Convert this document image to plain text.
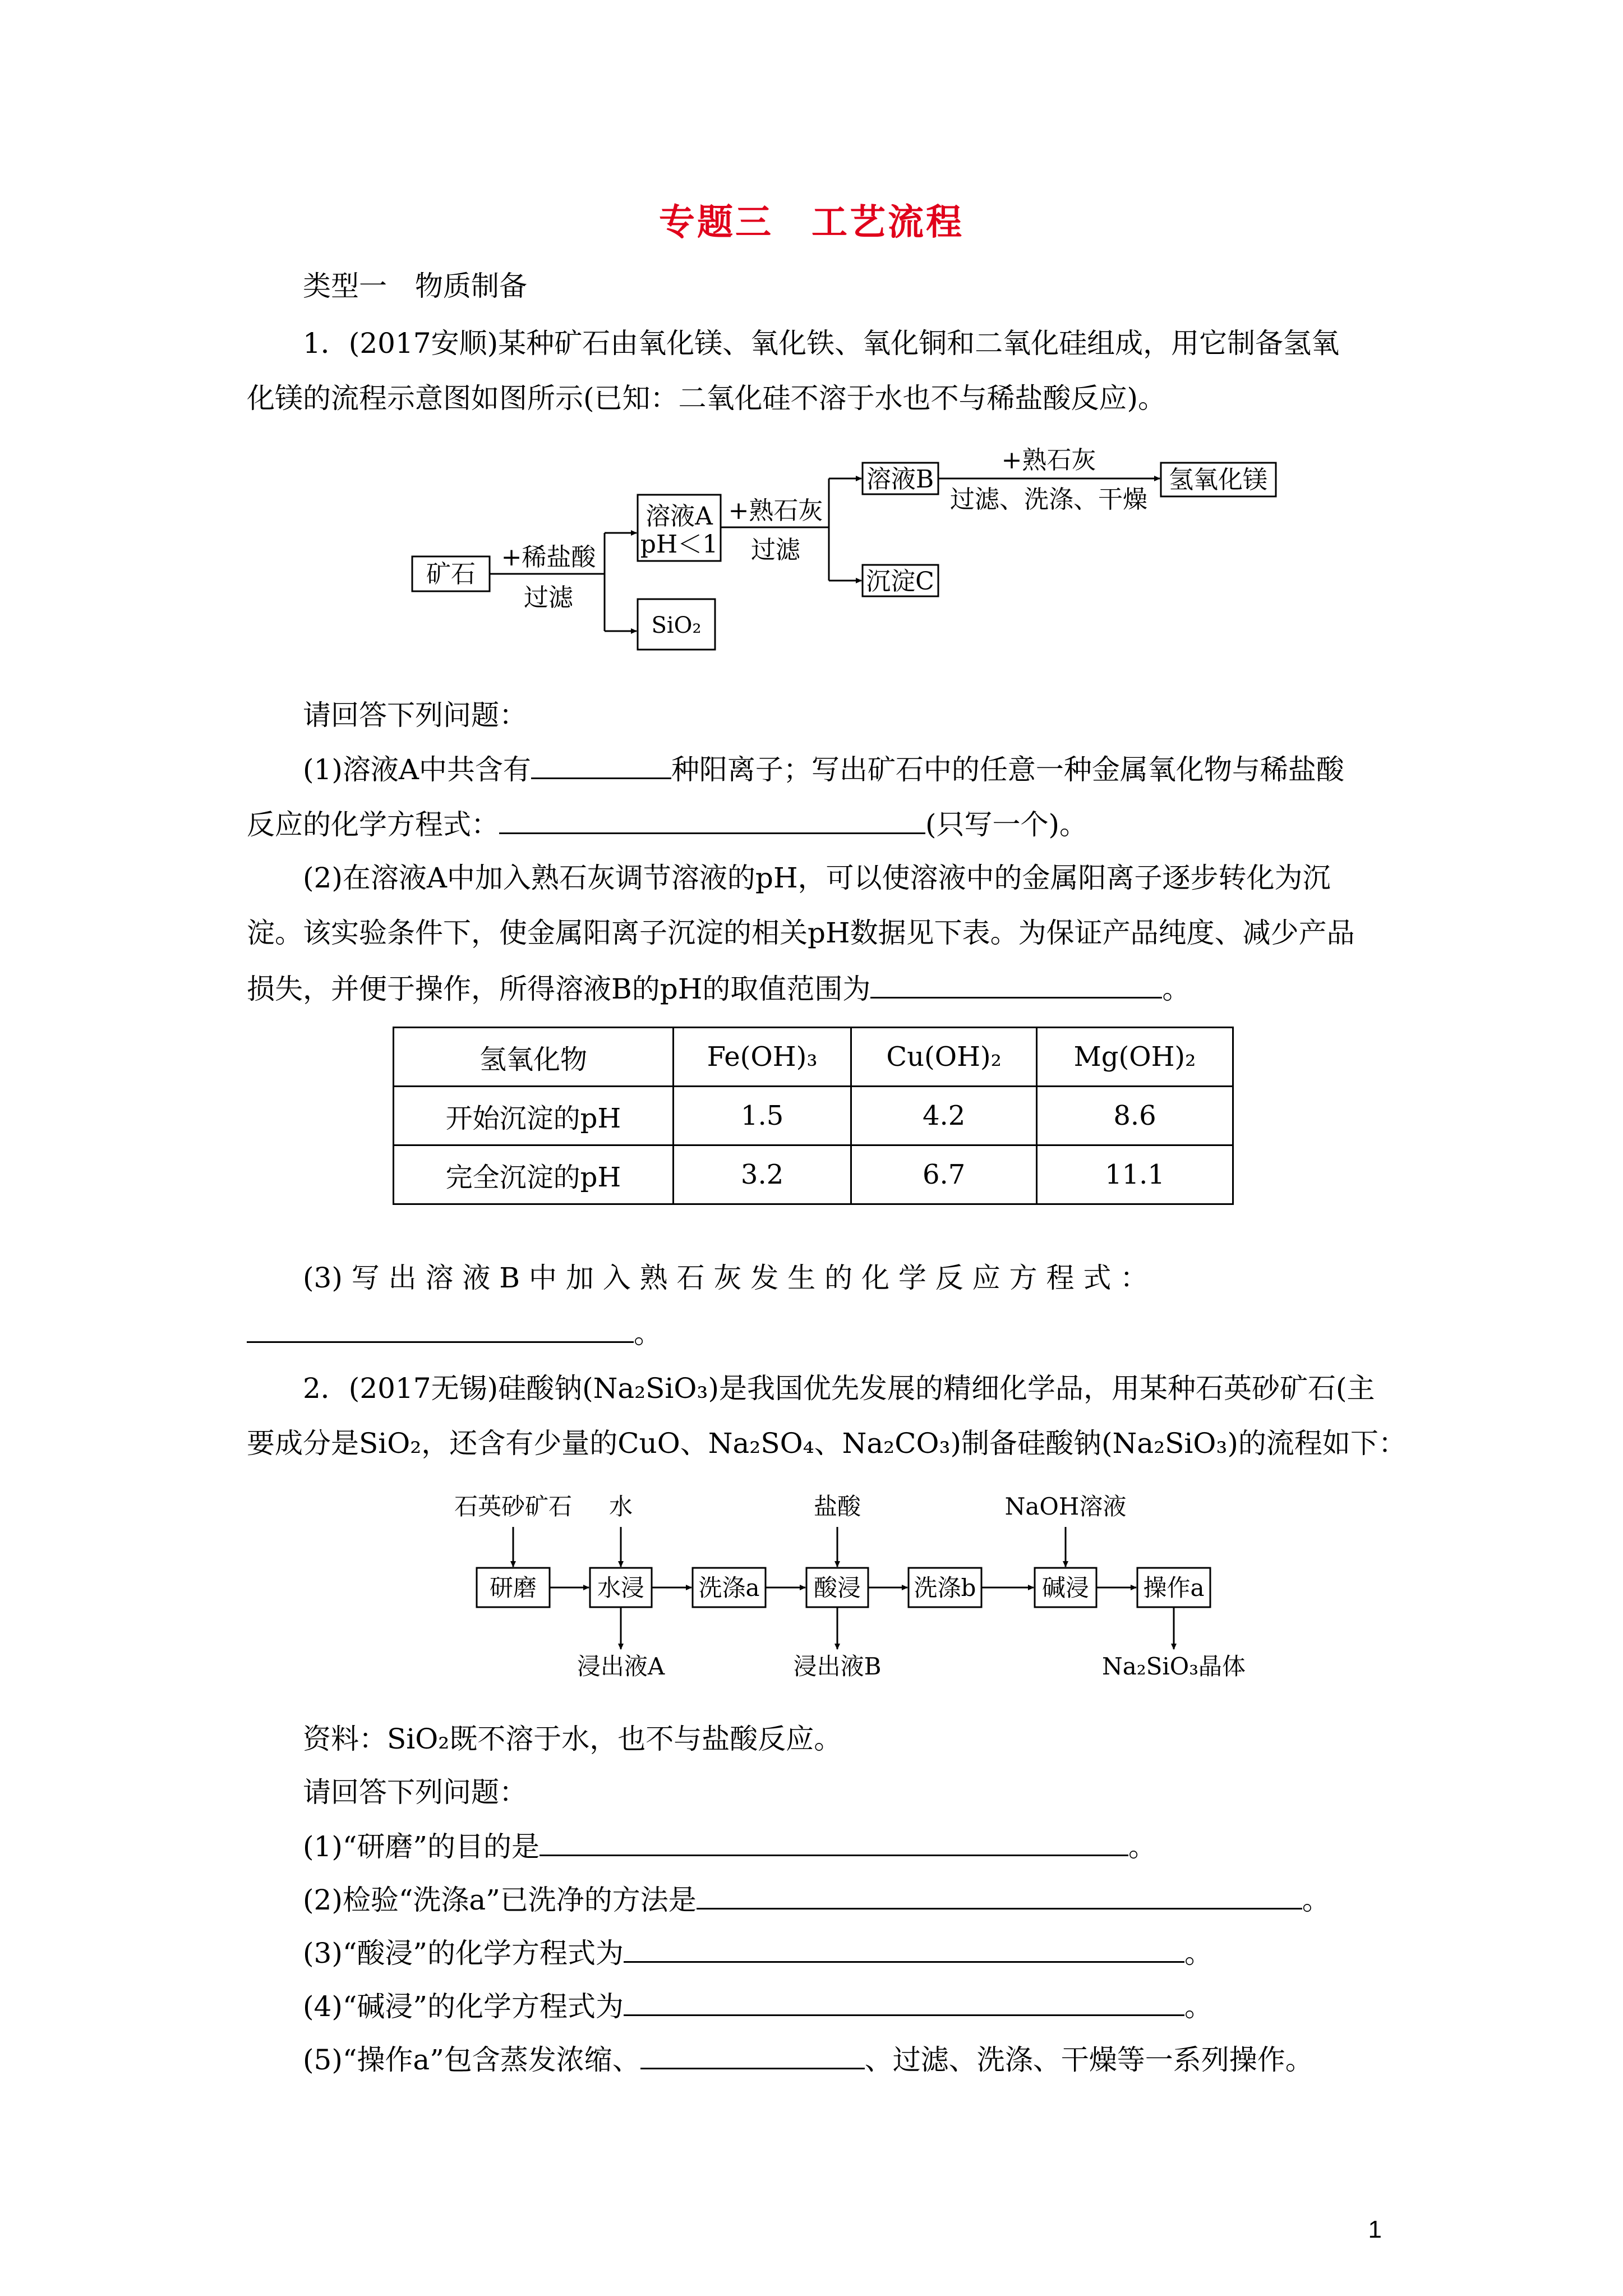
专题三　工艺流程
类型一　物质制备
1．(2017安顺)某种矿石由氧化镁、氧化铁、氧化铜和二氧化硅组成，用它制备氢氧
化镁的流程示意图如图所示(已知：二氧化硅不溶于水也不与稀盐酸反应)。
矿石
+稀盐酸
过滤
溶液A
pH＜1
SiO₂
+熟石灰
过滤
溶液B
沉淀C
+熟石灰
过滤、洗涤、干燥
氢氧化镁
请回答下列问题：
(1)溶液A中共含有	种阳离子；写出矿石中的任意一种金属氧化物与稀盐酸
反应的化学方程式：	(只写一个)。
(2)在溶液A中加入熟石灰调节溶液的pH，可以使溶液中的金属阳离子逐步转化为沉
淀。该实验条件下，使金属阳离子沉淀的相关pH数据见下表。为保证产品纯度、减少产品
损失，并便于操作，所得溶液B的pH的取值范围为	。
氢氧化物	Fe(OH)₃	Cu(OH)₂	Mg(OH)₂
开始沉淀的pH	1.5	4.2	8.6
完全沉淀的pH	3.2	6.7	11.1
(3) 写 出 溶 液 B 中 加 入 熟 石 灰 发 生 的 化 学 反 应 方 程 式 ：
。
2．(2017无锡)硅酸钠(Na₂SiO₃)是我国优先发展的精细化学品，用某种石英砂矿石(主
要成分是SiO₂，还含有少量的CuO、Na₂SO₄、Na₂CO₃)制备硅酸钠(Na₂SiO₃)的流程如下：
石英砂矿石 水	盐酸	NaOH溶液
研磨	水浸 洗涤a 酸浸 洗涤b	碱浸 操作a
浸出液A	浸出液B	Na₂SiO₃晶体
资料：SiO₂既不溶于水，也不与盐酸反应。
请回答下列问题：
(1)“研磨”的目的是	。
(2)检验“洗涤a”已洗净的方法是	。
(3)“酸浸”的化学方程式为	。
(4)“碱浸”的化学方程式为	。
(5)“操作a”包含蒸发浓缩、	、过滤、洗涤、干燥等一系列操作。
1
